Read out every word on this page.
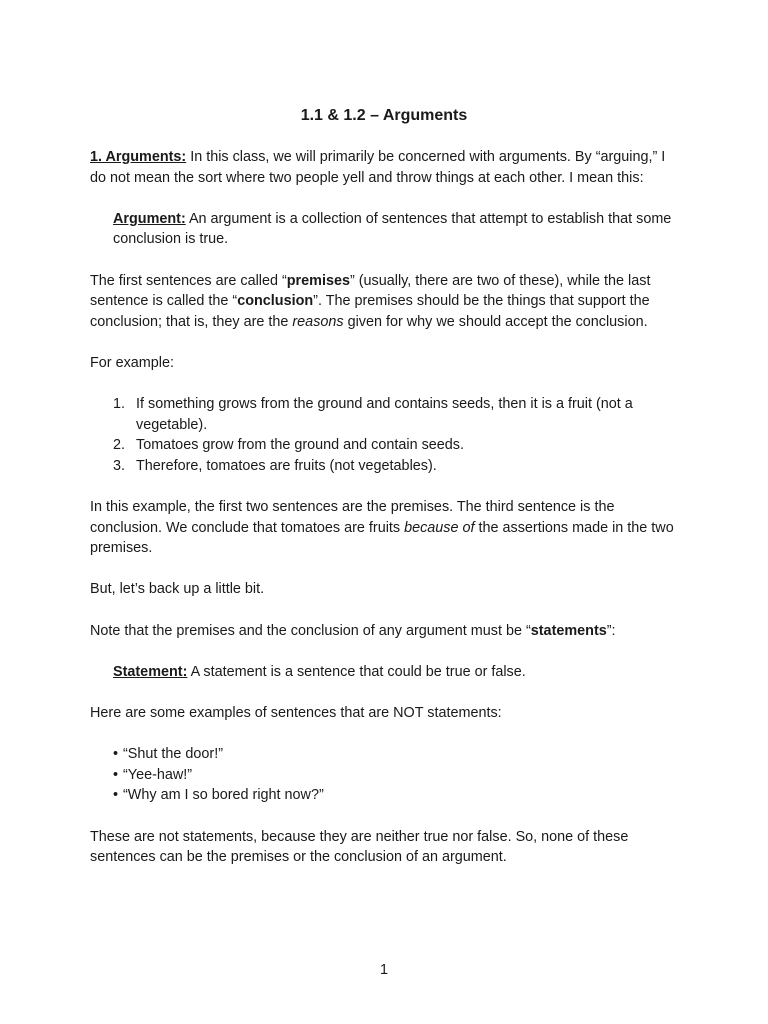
1.1 & 1.2 – Arguments

1. Arguments: In this class, we will primarily be concerned with arguments. By “arguing,” I do not mean the sort where two people yell and throw things at each other. I mean this:

Argument: An argument is a collection of sentences that attempt to establish that some conclusion is true.

The first sentences are called “premises” (usually, there are two of these), while the last sentence is called the “conclusion”. The premises should be the things that support the conclusion; that is, they are the reasons given for why we should accept the conclusion.

For example:

1. If something grows from the ground and contains seeds, then it is a fruit (not a vegetable).
2. Tomatoes grow from the ground and contain seeds.
3. Therefore, tomatoes are fruits (not vegetables).

In this example, the first two sentences are the premises. The third sentence is the conclusion. We conclude that tomatoes are fruits because of the assertions made in the two premises.

But, let’s back up a little bit.

Note that the premises and the conclusion of any argument must be “statements”:

Statement: A statement is a sentence that could be true or false.

Here are some examples of sentences that are NOT statements:

• “Shut the door!”
• “Yee-haw!”
• “Why am I so bored right now?”

These are not statements, because they are neither true nor false. So, none of these sentences can be the premises or the conclusion of an argument.

1
